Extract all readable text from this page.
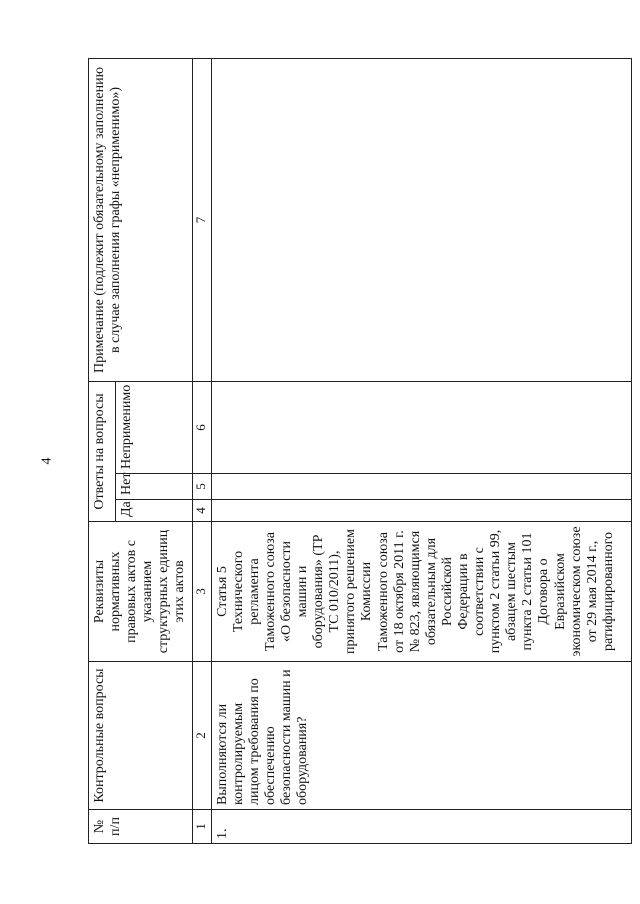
4
№ п/п	Контрольные вопросы	Реквизиты нормативных правовых актов с указанием структурных единиц этих актов	Ответы на вопросы			Примечание (подлежит обязательному заполнению в случае заполнения графы «неприменимо»)
			Да	Нет	Неприменимо	
1	2	3	4	5	6	7
1.	Выполняются ли контролируемым лицом требования по обеспечению безопасности машин и оборудования?	Статья 5 Технического регламента Таможенного союза «О безопасности машин и оборудования» (ТР ТС 010/2011), принятого решением Комиссии Таможенного союза от 18 октября 2011 г. № 823, являющимся обязательным для Российской Федерации в соответствии с пунктом 2 статьи 99, абзацем шестым пункта 2 статьи 101 Договора о Евразийском экономическом союзе от 29 мая 2014 г., ратифицированного				
